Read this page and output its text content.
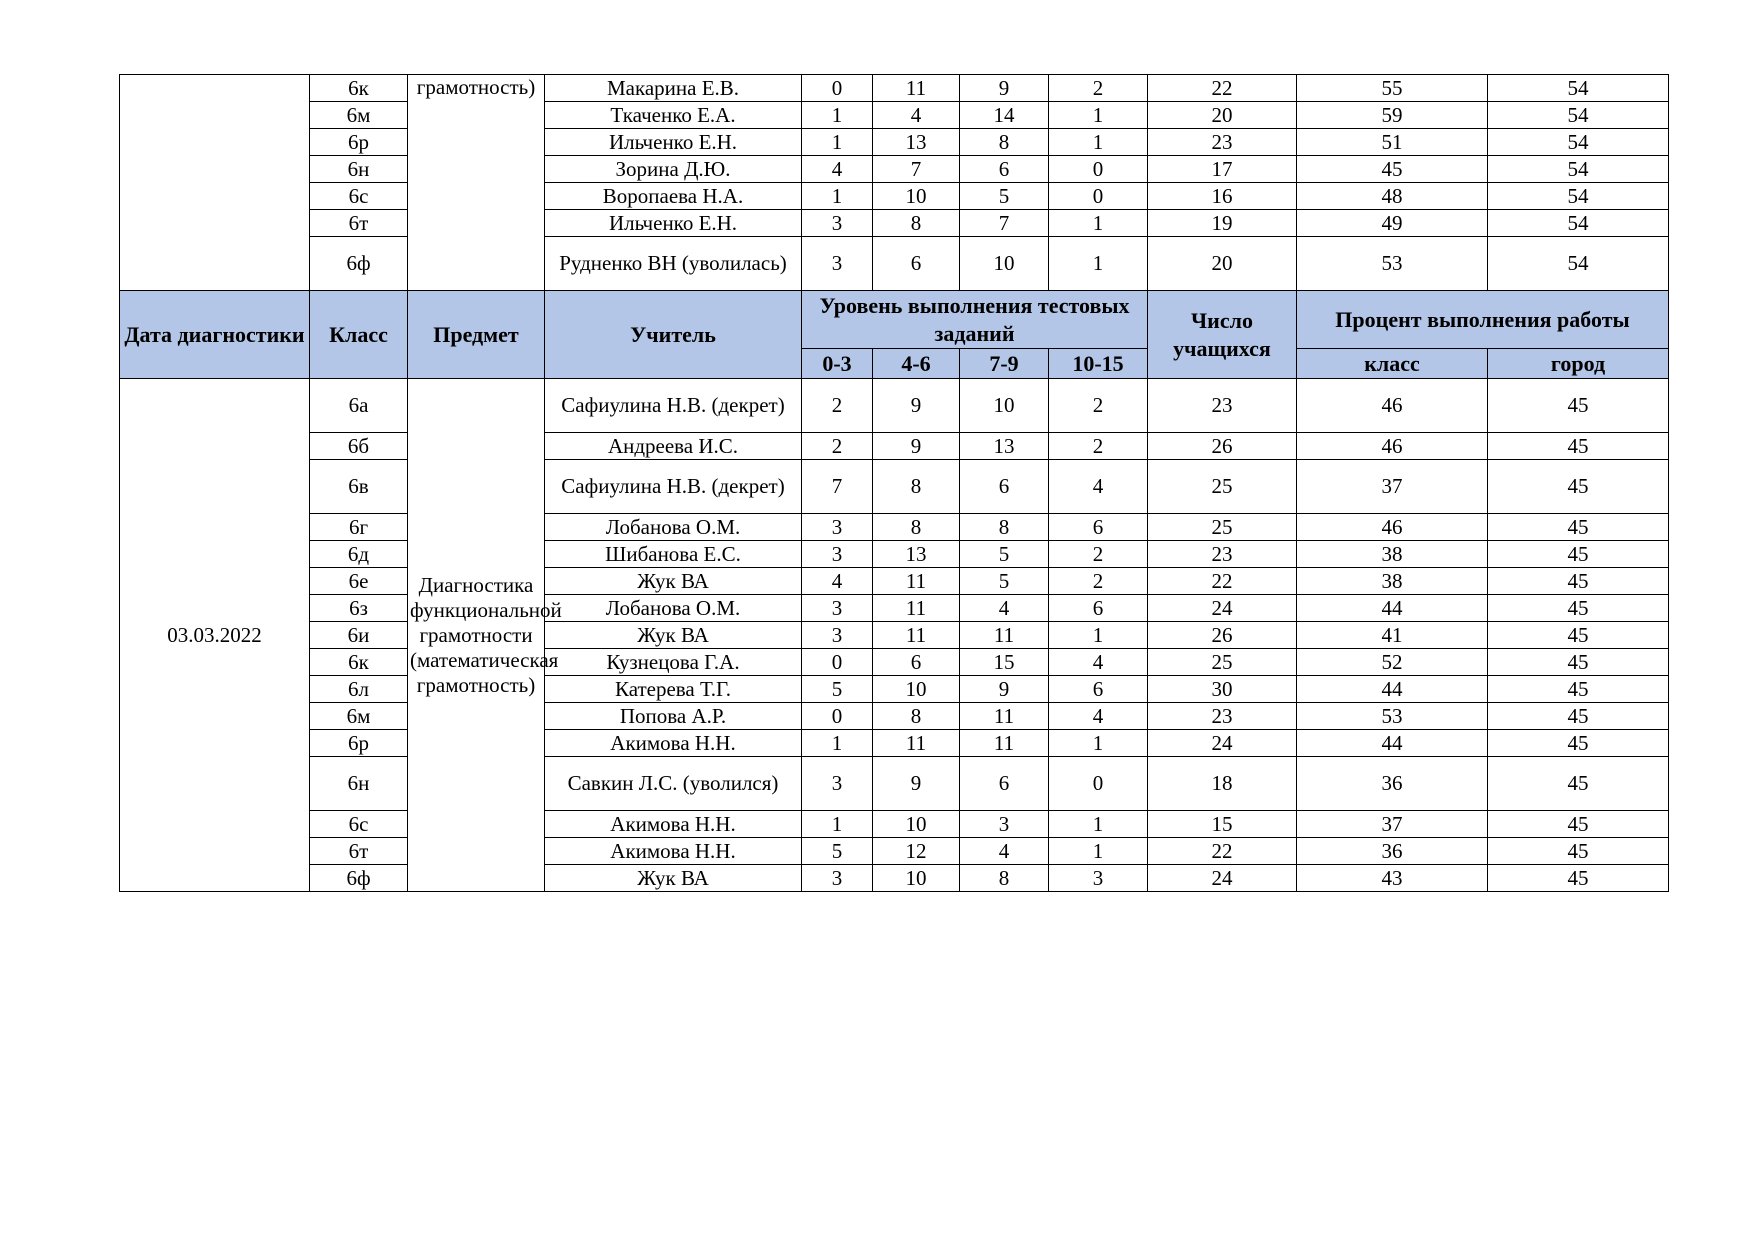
	6к	грамотность)	Макарина Е.В.	0	11	9	2	22	55	54
	6м		Ткаченко Е.А.	1	4	14	1	20	59	54
	6р		Ильченко Е.Н.	1	13	8	1	23	51	54
	6н		Зорина Д.Ю.	4	7	6	0	17	45	54
	6с		Воропаева Н.А.	1	10	5	0	16	48	54
	6т		Ильченко Е.Н.	3	8	7	1	19	49	54
	6ф		Рудненко ВН (уволилась)	3	6	10	1	20	53	54
Дата диагностики	Класс	Предмет	Учитель	Уровень выполнения тестовых заданий				Число учащихся	Процент выполнения работы	
				0-3	4-6	7-9	10-15		класс	город
03.03.2022	6а	Диагностика функциональной грамотности (математическая грамотность)	Сафиулина Н.В. (декрет)	2	9	10	2	23	46	45
	6б		Андреева И.С.	2	9	13	2	26	46	45
	6в		Сафиулина Н.В. (декрет)	7	8	6	4	25	37	45
	6г		Лобанова О.М.	3	8	8	6	25	46	45
	6д		Шибанова Е.С.	3	13	5	2	23	38	45
	6е		Жук ВА	4	11	5	2	22	38	45
	6з		Лобанова О.М.	3	11	4	6	24	44	45
	6и		Жук ВА	3	11	11	1	26	41	45
	6к		Кузнецова Г.А.	0	6	15	4	25	52	45
	6л		Катерева Т.Г.	5	10	9	6	30	44	45
	6м		Попова А.Р.	0	8	11	4	23	53	45
	6р		Акимова Н.Н.	1	11	11	1	24	44	45
	6н		Савкин Л.С. (уволился)	3	9	6	0	18	36	45
	6с		Акимова Н.Н.	1	10	3	1	15	37	45
	6т		Акимова Н.Н.	5	12	4	1	22	36	45
	6ф		Жук ВА	3	10	8	3	24	43	45
